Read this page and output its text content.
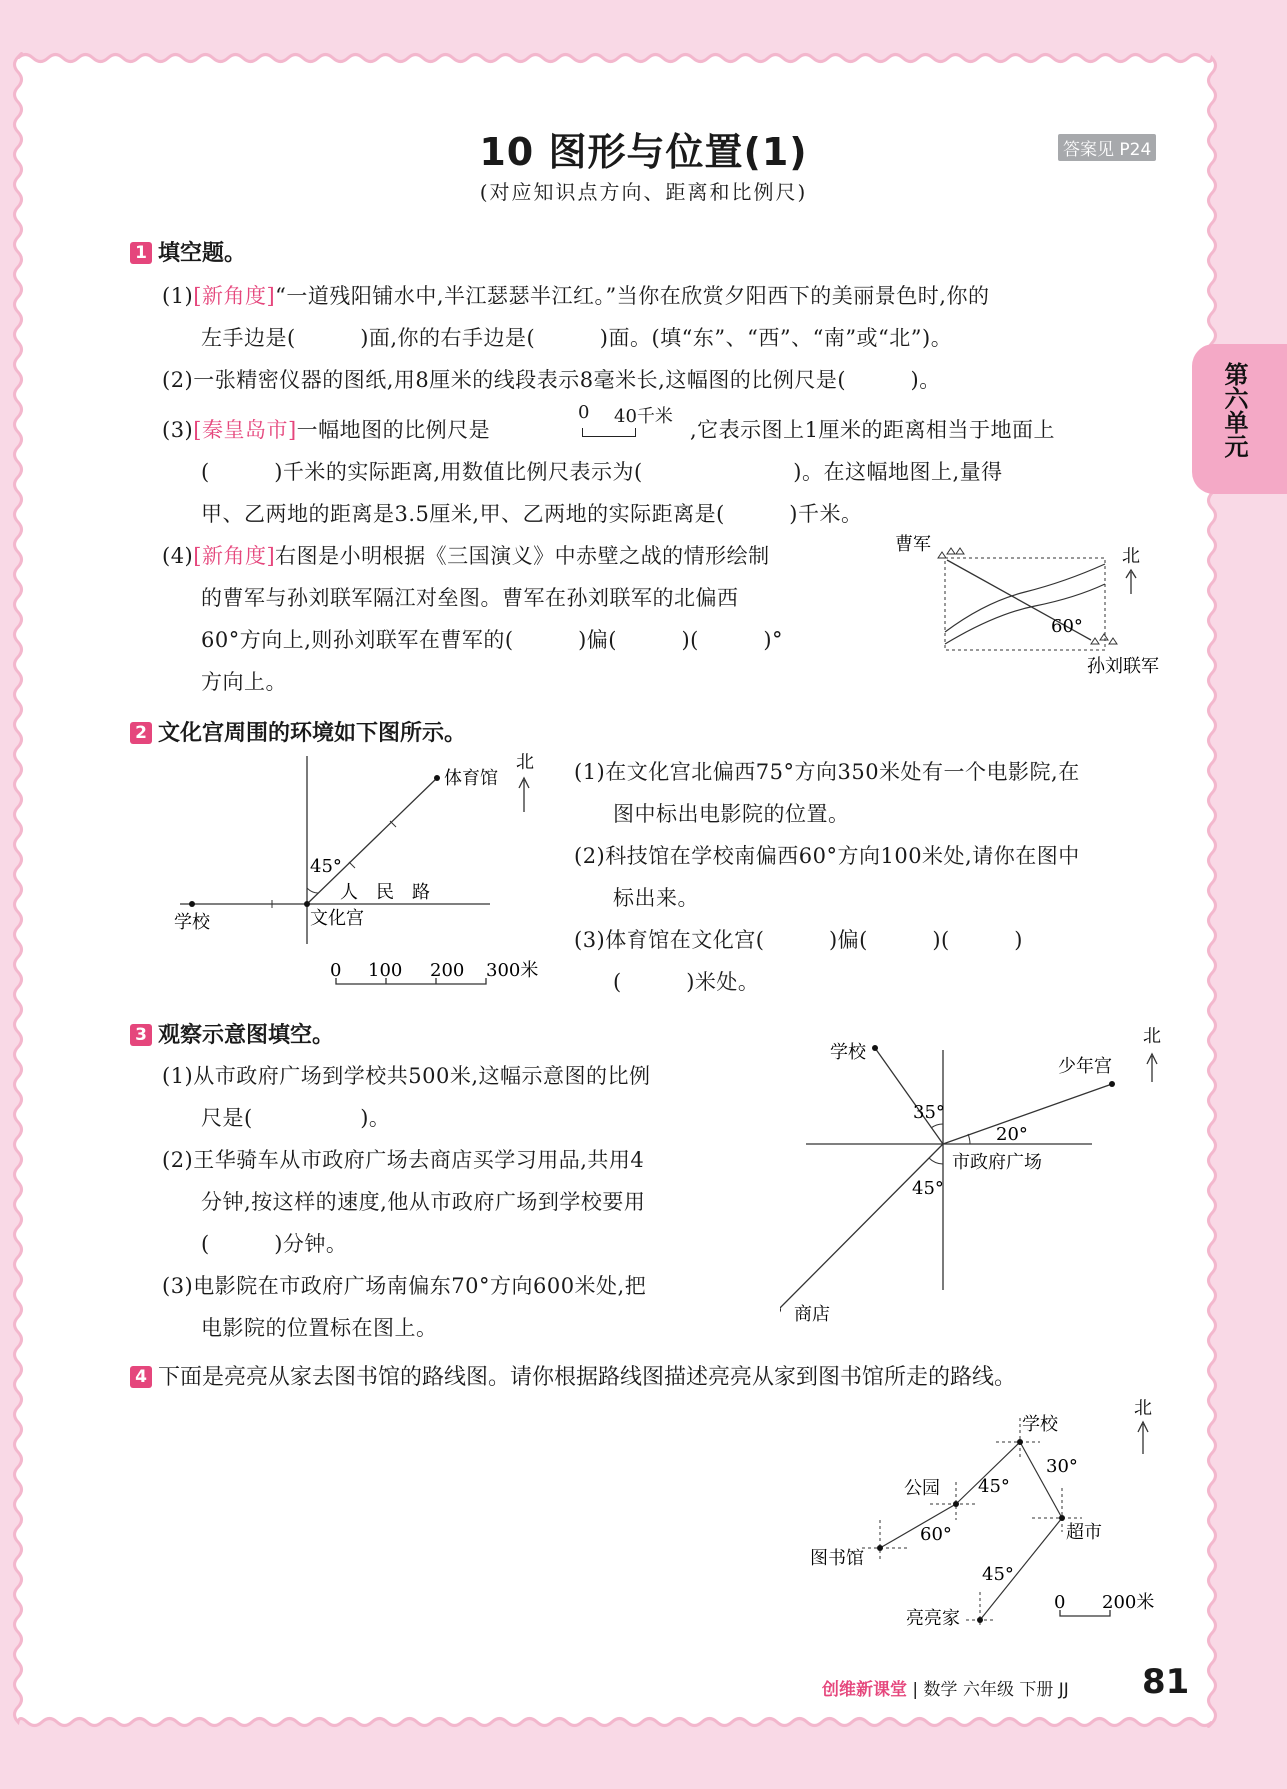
10 图形与位置(1)
(对应知识点方向、距离和比例尺)
答案见 P24
第六单元
1 填空题。
(1)[新角度]“一道残阳铺水中,半江瑟瑟半江红。”当你在欣赏夕阳西下的美丽景色时,你的
左手边是(　　　)面,你的右手边是(　　　)面。(填“东”、“西”、“南”或“北”)。
(2)一张精密仪器的图纸,用8厘米的线段表示8毫米长,这幅图的比例尺是(　　　)。
(3)[秦皇岛市]一幅地图的比例尺是
0 40千米
,它表示图上1厘米的距离相当于地面上
(　　　)千米的实际距离,用数值比例尺表示为(　　　　　　　)。在这幅地图上,量得
甲、乙两地的距离是3.5厘米,甲、乙两地的实际距离是(　　　)千米。
(4)[新角度]右图是小明根据《三国演义》中赤壁之战的情形绘制
的曹军与孙刘联军隔江对垒图。曹军在孙刘联军的北偏西
60°方向上,则孙刘联军在曹军的(　　　)偏(　　　)(　　　)°
方向上。
曹军
孙刘联军
60°
北
2 文化宫周围的环境如下图所示。
体育馆
45°
人　民　路
学校	文化宫
北
0 100 200 300米
(1)在文化宫北偏西75°方向350米处有一个电影院,在
图中标出电影院的位置。
(2)科技馆在学校南偏西60°方向100米处,请你在图中
标出来。
(3)体育馆在文化宫(　　　)偏(　　　)(　　　)
(　　　)米处。
3 观察示意图填空。
(1)从市政府广场到学校共500米,这幅示意图的比例
尺是(　　　　　)。
(2)王华骑车从市政府广场去商店买学习用品,共用4
分钟,按这样的速度,他从市政府广场到学校要用
(　　　)分钟。
(3)电影院在市政府广场南偏东70°方向600米处,把
电影院的位置标在图上。
学校
少年宫
35°
20°
45°
市政府广场
商店
北
4 下面是亮亮从家去图书馆的路线图。请你根据路线图描述亮亮从家到图书馆所走的路线。
学校
30°
公园 45°
超市
60°
图书馆
45°
亮亮家
北
0 200米
创维新课堂 | 数学 六年级 下册 JJ 81
